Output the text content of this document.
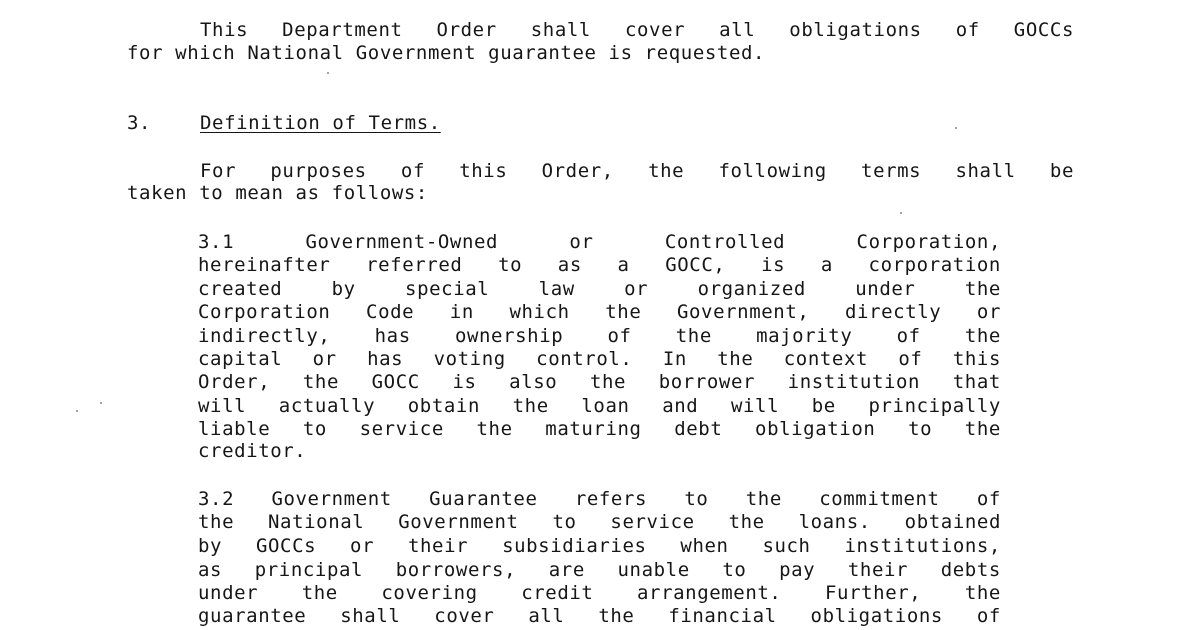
This Department Order shall cover all obligations of GOCCs
for which National Government guarantee is requested.
3.	Definition of Terms.
For purposes of this Order, the following terms shall be
taken to mean as follows:
3.1	Government-Owned	or	Controlled	Corporation,
hereinafter referred to as a GOCC, is a corporation
created	by	special	law	or	organized	under	the
Corporation Code in which the Government, directly or
indirectly, has ownership of the majority of the
capital or has voting control. In the context of this
Order, the GOCC is also the borrower institution that
will actually obtain the loan and will be principally
liable to service the maturing debt obligation to the
creditor.
3.2 Government Guarantee refers to the commitment of
the National Government to service the loans. obtained
by GOCCs or their subsidiaries when such institutions,
as principal borrowers, are unable to pay their debts
under the covering credit arrangement. Further, the
guarantee shall cover all the financial obligations of
